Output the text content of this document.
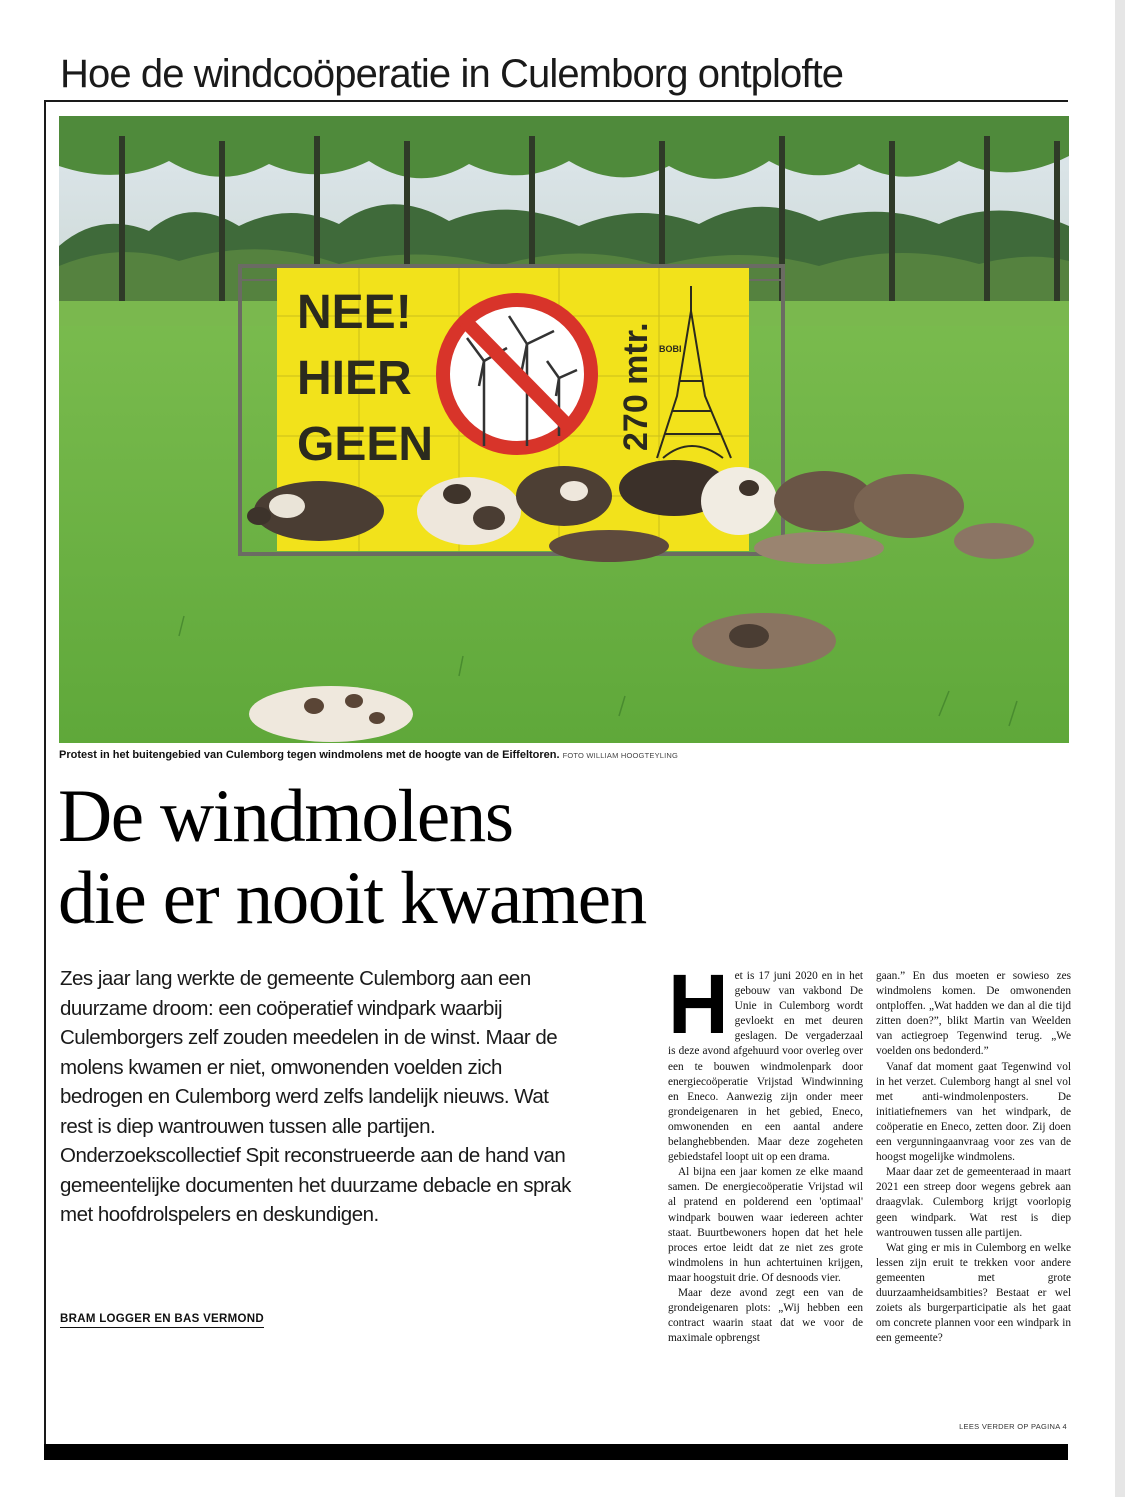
Hoe de windcoöperatie in Culemborg ontplofte
NEE!
HIER
GEEN	270 mtr. BOBI

Protest in het buitengebied van Culemborg tegen windmolens met de hoogte van de Eiffeltoren. FOTO WILLIAM HOOGTEYLING

De windmolens
die er nooit kwamen

Zes jaar lang werkte de gemeente Culemborg aan een duurzame droom: een coöperatief windpark waarbij Culemborgers zelf zouden meedelen in de winst. Maar de molens kwamen er niet, omwonenden voelden zich bedrogen en Culemborg werd zelfs landelijk nieuws. Wat rest is diep wantrouwen tussen alle partijen. Onderzoekscollectief Spit reconstrueerde aan de hand van gemeentelijke documenten het duurzame debacle en sprak met hoofdrolspelers en deskundigen.

BRAM LOGGER EN BAS VERMOND

Het is 17 juni 2020 en in het gebouw van vakbond De Unie in Culemborg wordt gevloekt en met deuren geslagen. De vergaderzaal is deze avond afgehuurd voor overleg over een te bouwen windmolenpark door energiecoöperatie Vrijstad Windwinning en Eneco. Aanwezig zijn onder meer grondeigenaren in het gebied, Eneco, omwonenden en een aantal andere belanghebbenden. Maar deze zogeheten gebiedstafel loopt uit op een drama.

Al bijna een jaar komen ze elke maand samen. De energiecoöperatie Vrijstad wil al pratend en polderend een 'optimaal' windpark bouwen waar iedereen achter staat. Buurtbewoners hopen dat het hele proces ertoe leidt dat ze niet zes grote windmolens in hun achtertuinen krijgen, maar hoogstuit drie. Of desnoods vier.

Maar deze avond zegt een van de grondeigenaren plots: „Wij hebben een contract waarin staat dat we voor de maximale opbrengst

gaan.” En dus moeten er sowieso zes windmolens komen. De omwonenden ontploffen. „Wat hadden we dan al die tijd zitten doen?”, blikt Martin van Weelden van actiegroep Tegenwind terug. „We voelden ons bedonderd.”

Vanaf dat moment gaat Tegenwind vol in het verzet. Culemborg hangt al snel vol met anti-windmolenposters. De initiatiefnemers van het windpark, de coöperatie en Eneco, zetten door. Zij doen een vergunningaanvraag voor zes van de hoogst mogelijke windmolens.

Maar daar zet de gemeenteraad in maart 2021 een streep door wegens gebrek aan draagvlak. Culemborg krijgt voorlopig geen windpark. Wat rest is diep wantrouwen tussen alle partijen.

Wat ging er mis in Culemborg en welke lessen zijn eruit te trekken voor andere gemeenten met grote duurzaamheidsambities? Bestaat er wel zoiets als burgerparticipatie als het gaat om concrete plannen voor een windpark in een gemeente?

LEES VERDER OP PAGINA 4
